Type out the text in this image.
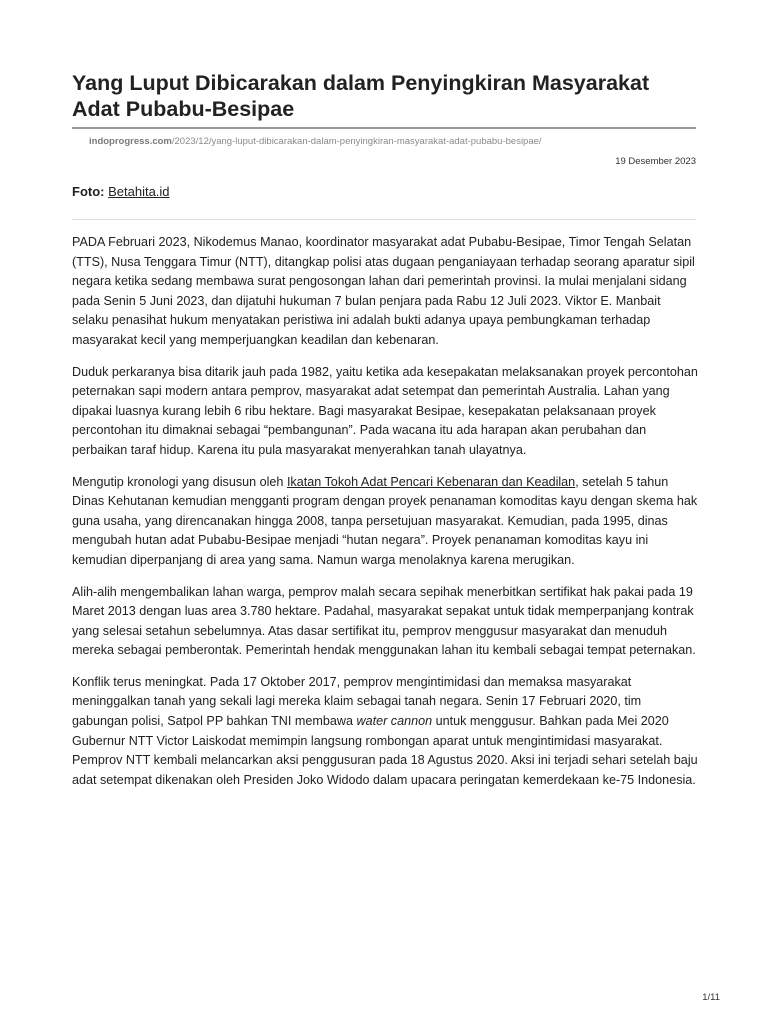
Yang Luput Dibicarakan dalam Penyingkiran Masyarakat Adat Pubabu-Besipae
indoprogress.com/2023/12/yang-luput-dibicarakan-dalam-penyingkiran-masyarakat-adat-pubabu-besipae/
19 Desember 2023
Foto: Betahita.id

PADA Februari 2023, Nikodemus Manao, koordinator masyarakat adat Pubabu-Besipae, Timor Tengah Selatan (TTS), Nusa Tenggara Timur (NTT), ditangkap polisi atas dugaan penganiayaan terhadap seorang aparatur sipil negara ketika sedang membawa surat pengosongan lahan dari pemerintah provinsi. Ia mulai menjalani sidang pada Senin 5 Juni 2023, dan dijatuhi hukuman 7 bulan penjara pada Rabu 12 Juli 2023. Viktor E. Manbait selaku penasihat hukum menyatakan peristiwa ini adalah bukti adanya upaya pembungkaman terhadap masyarakat kecil yang memperjuangkan keadilan dan kebenaran.

Duduk perkaranya bisa ditarik jauh pada 1982, yaitu ketika ada kesepakatan melaksanakan proyek percontohan peternakan sapi modern antara pemprov, masyarakat adat setempat dan pemerintah Australia. Lahan yang dipakai luasnya kurang lebih 6 ribu hektare. Bagi masyarakat Besipae, kesepakatan pelaksanaan proyek percontohan itu dimaknai sebagai “pembangunan”. Pada wacana itu ada harapan akan perubahan dan perbaikan taraf hidup. Karena itu pula masyarakat menyerahkan tanah ulayatnya.

Mengutip kronologi yang disusun oleh Ikatan Tokoh Adat Pencari Kebenaran dan Keadilan, setelah 5 tahun Dinas Kehutanan kemudian mengganti program dengan proyek penanaman komoditas kayu dengan skema hak guna usaha, yang direncanakan hingga 2008, tanpa persetujuan masyarakat. Kemudian, pada 1995, dinas mengubah hutan adat Pubabu-Besipae menjadi “hutan negara”. Proyek penanaman komoditas kayu ini kemudian diperpanjang di area yang sama. Namun warga menolaknya karena merugikan.

Alih-alih mengembalikan lahan warga, pemprov malah secara sepihak menerbitkan sertifikat hak pakai pada 19 Maret 2013 dengan luas area 3.780 hektare. Padahal, masyarakat sepakat untuk tidak memperpanjang kontrak yang selesai setahun sebelumnya. Atas dasar sertifikat itu, pemprov menggusur masyarakat dan menuduh mereka sebagai pemberontak. Pemerintah hendak menggunakan lahan itu kembali sebagai tempat peternakan.

Konflik terus meningkat. Pada 17 Oktober 2017, pemprov mengintimidasi dan memaksa masyarakat meninggalkan tanah yang sekali lagi mereka klaim sebagai tanah negara. Senin 17 Februari 2020, tim gabungan polisi, Satpol PP bahkan TNI membawa water cannon untuk menggusur. Bahkan pada Mei 2020 Gubernur NTT Victor Laiskodat memimpin langsung rombongan aparat untuk mengintimidasi masyarakat. Pemprov NTT kembali melancarkan aksi penggusuran pada 18 Agustus 2020. Aksi ini terjadi sehari setelah baju adat setempat dikenakan oleh Presiden Joko Widodo dalam upacara peringatan kemerdekaan ke-75 Indonesia.

1/11
